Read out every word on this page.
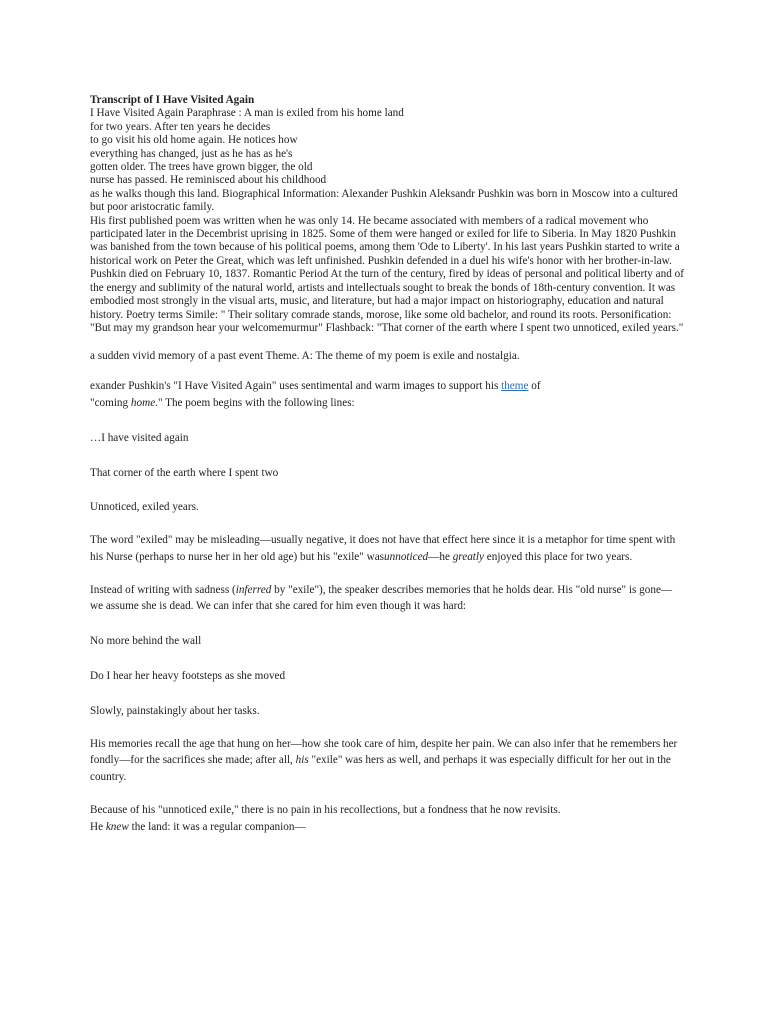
Transcript of I Have Visited Again
I Have Visited Again Paraphrase : A man is exiled from his home land
for two years. After ten years he decides
to go visit his old home again. He notices how
everything has changed, just as he has as he's
gotten older. The trees have grown bigger, the old
nurse has passed. He reminisced about his childhood
as he walks though this land. Biographical Information: Alexander Pushkin Aleksandr Pushkin was born in Moscow into a cultured but poor aristocratic family.
His first published poem was written when he was only 14. He became associated with members of a radical movement who participated later in the Decembrist uprising in 1825. Some of them were hanged or exiled for life to Siberia. In May 1820 Pushkin was banished from the town because of his political poems, among them 'Ode to Liberty'. In his last years Pushkin started to write a historical work on Peter the Great, which was left unfinished. Pushkin defended in a duel his wife's honor with her brother-in-law.
Pushkin died on February 10, 1837. Romantic Period At the turn of the century, fired by ideas of personal and political liberty and of the energy and sublimity of the natural world, artists and intellectuals sought to break the bonds of 18th-century convention. It was embodied most strongly in the visual arts, music, and literature, but had a major impact on historiography, education and natural history. Poetry terms Simile: " Their solitary comrade stands, morose, like some old bachelor, and round its roots. Personification: "But may my grandson hear your welcomemurmur" Flashback: "That corner of the earth where I spent two unnoticed, exiled years."
a sudden vivid memory of a past event Theme. A: The theme of my poem is exile and nostalgia.
exander Pushkin's "I Have Visited Again" uses sentimental and warm images to support his theme of
"coming home." The poem begins with the following lines:
…I have visited again
That corner of the earth where I spent two
Unnoticed, exiled years.
The word "exiled" may be misleading—usually negative, it does not have that effect here since it is a metaphor for time spent with his Nurse (perhaps to nurse her in her old age) but his "exile" wasunnoticed—he greatly enjoyed this place for two years.
Instead of writing with sadness (inferred by "exile"), the speaker describes memories that he holds dear. His "old nurse" is gone—we assume she is dead. We can infer that she cared for him even though it was hard:
No more behind the wall
Do I hear her heavy footsteps as she moved
Slowly, painstakingly about her tasks.
His memories recall the age that hung on her—how she took care of him, despite her pain. We can also infer that he remembers her fondly—for the sacrifices she made; after all, his "exile" was hers as well, and perhaps it was especially difficult for her out in the country.
Because of his "unnoticed exile," there is no pain in his recollections, but a fondness that he now revisits.
He knew the land: it was a regular companion—
